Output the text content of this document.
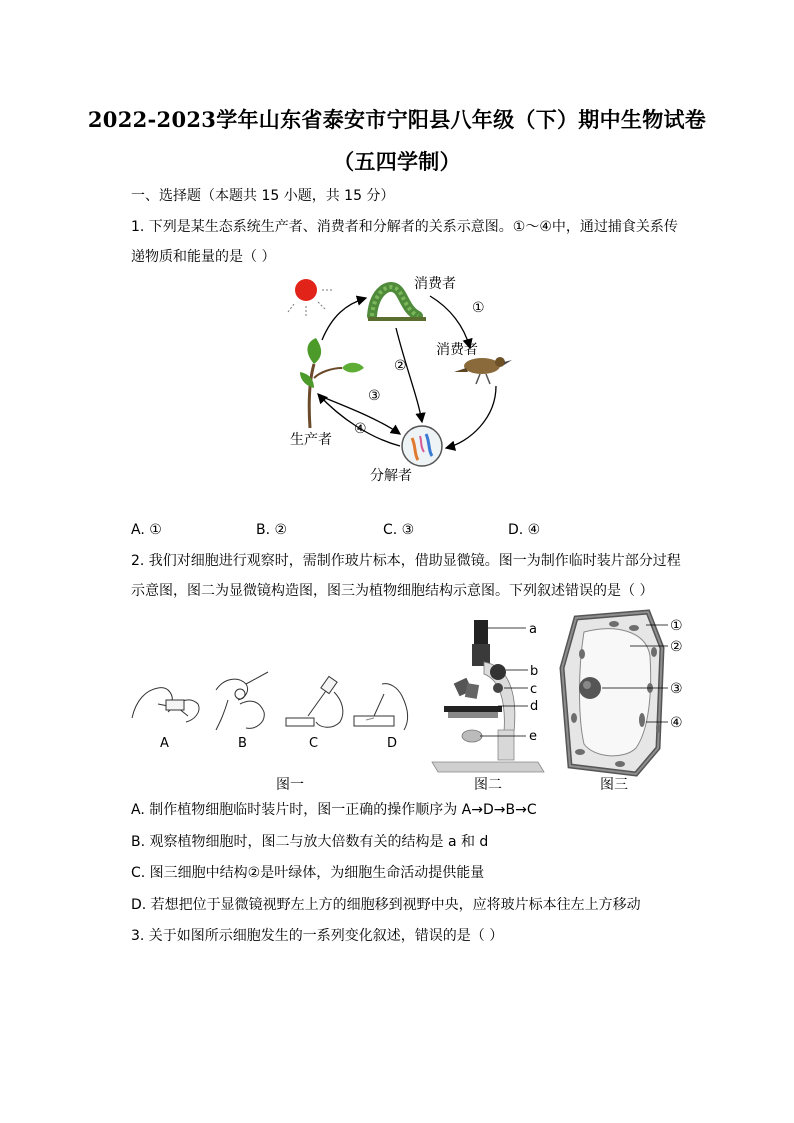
2022-2023学年山东省泰安市宁阳县八年级（下）期中生物试卷
（五四学制）
一、选择题（本题共 15 小题，共 15 分）
1. 下列是某生态系统生产者、消费者和分解者的关系示意图。①～④中，通过捕食关系传
递物质和能量的是（ ）
消费者
消费者
生产者
分解者
①
②
③
④
A. ①	B. ②	C. ③	D. ④
2. 我们对细胞进行观察时，需制作玻片标本，借助显微镜。图一为制作临时装片部分过程
示意图，图二为显微镜构造图，图三为植物细胞结构示意图。下列叙述错误的是（ ）
A	B	C	D
图一
a
b
c
d
e
图二
①
②
③
④
图三
A. 制作植物细胞临时装片时，图一正确的操作顺序为 A→D→B→C
B. 观察植物细胞时，图二与放大倍数有关的结构是 a 和 d
C. 图三细胞中结构②是叶绿体，为细胞生命活动提供能量
D. 若想把位于显微镜视野左上方的细胞移到视野中央，应将玻片标本往左上方移动
3. 关于如图所示细胞发生的一系列变化叙述，错误的是（ ）
